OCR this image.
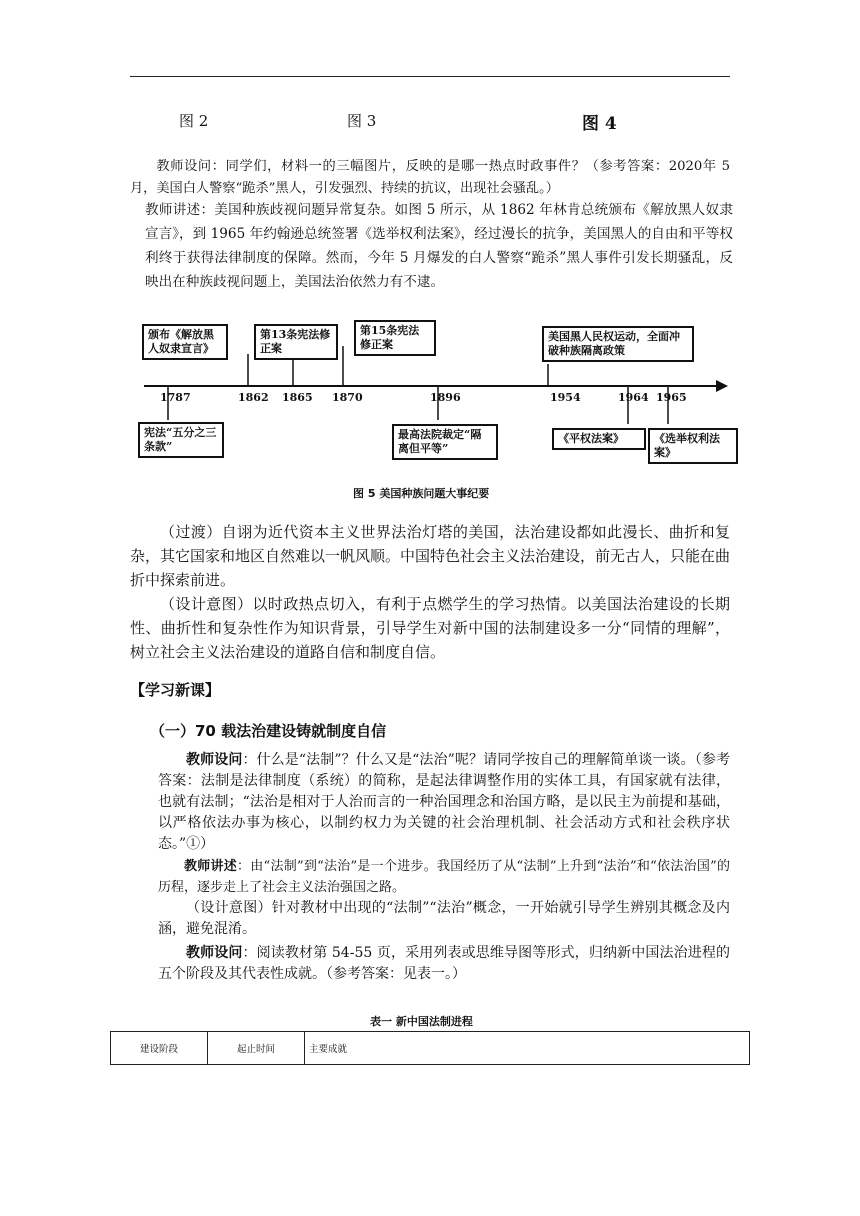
图 2	图 3	图 4
教师设问：同学们，材料一的三幅图片，反映的是哪一热点时政事件？（参考答案：2020年 5 月，美国白人警察“跪杀”黑人，引发强烈、持续的抗议，出现社会骚乱。）
教师讲述：美国种族歧视问题异常复杂。如图 5 所示，从 1862 年林肯总统颁布《解放黑人奴隶宣言》，到 1965 年约翰逊总统签署《选举权利法案》，经过漫长的抗争，美国黑人的自由和平等权利终于获得法律制度的保障。然而，今年 5 月爆发的白人警察“跪杀”黑人事件引发长期骚乱，反映出在种族歧视问题上，美国法治依然力有不逮。
颁布《解放黑人奴隶宣言》
第13条宪法修正案
第15条宪法修正案
美国黑人民权运动，全面冲破种族隔离政策
宪法“五分之三条款”
最高法院裁定“隔离但平等”
《平权法案》	《选举权利法案》
1787	1862 1865 1870	1896	1954	1964 1965
图 5 美国种族问题大事纪要
（过渡）自诩为近代资本主义世界法治灯塔的美国，法治建设都如此漫长、曲折和复杂，其它国家和地区自然难以一帆风顺。中国特色社会主义法治建设，前无古人，只能在曲折中探索前进。
（设计意图）以时政热点切入，有利于点燃学生的学习热情。以美国法治建设的长期性、曲折性和复杂性作为知识背景，引导学生对新中国的法制建设多一分“同情的理解”，树立社会主义法治建设的道路自信和制度自信。
【学习新课】
（一）70 载法治建设铸就制度自信
教师设问：什么是“法制”？什么又是“法治”呢？请同学按自己的理解简单谈一谈。（参考答案：法制是法律制度（系统）的简称，是起法律调整作用的实体工具，有国家就有法律，也就有法制；“法治是相对于人治而言的一种治国理念和治国方略，是以民主为前提和基础，以严格依法办事为核心，以制约权力为关键的社会治理机制、社会活动方式和社会秩序状态。”①）
教师讲述：由“法制”到“法治”是一个进步。我国经历了从“法制”上升到“法治”和“依法治国”的历程，逐步走上了社会主义法治强国之路。
（设计意图）针对教材中出现的“法制”“法治”概念，一开始就引导学生辨别其概念及内涵，避免混淆。
教师设问：阅读教材第 54-55 页，采用列表或思维导图等形式，归纳新中国法治进程的五个阶段及其代表性成就。（参考答案：见表一。）
表一 新中国法制进程
建设阶段	起止时间	主要成就
